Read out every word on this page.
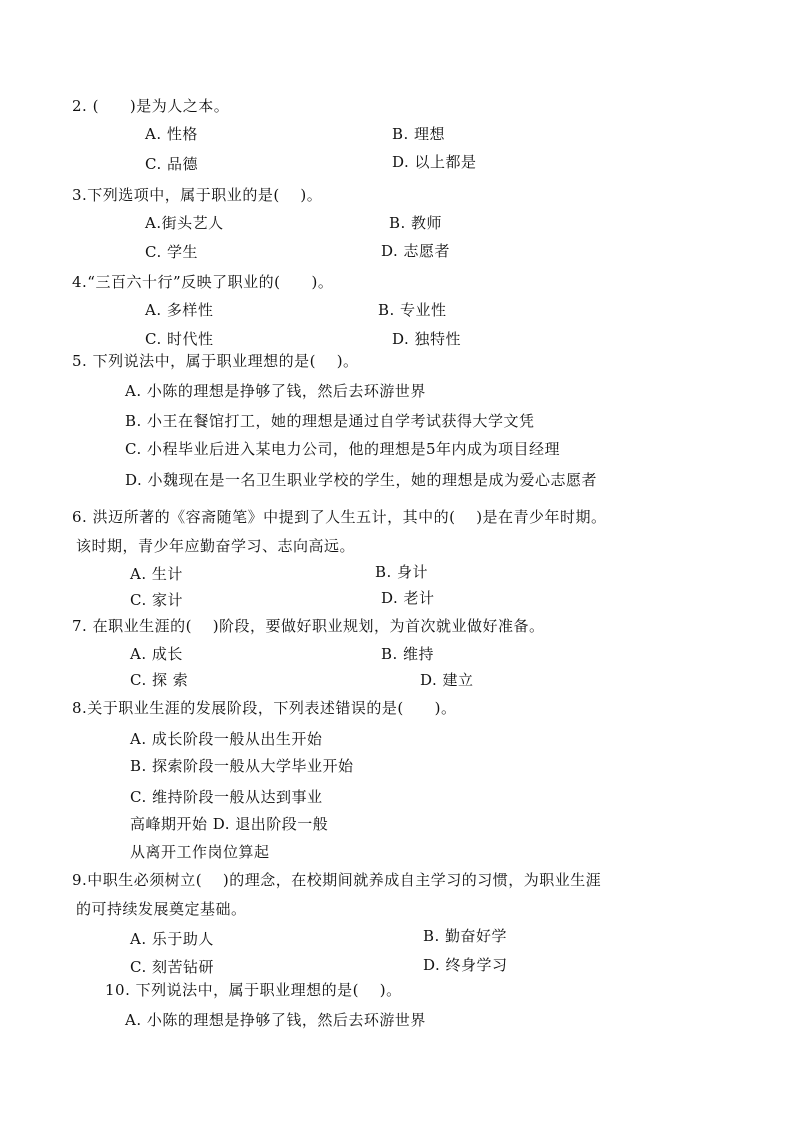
2. (　　)是为人之本。
A. 性格	B. 理想
C. 品德	D. 以上都是
3.下列选项中，属于职业的是(　 )。
A.街头艺人	B. 教师
C. 学生	D. 志愿者
4.“三百六十行”反映了职业的(　　)。
A. 多样性	B. 专业性
C. 时代性	D. 独特性
5. 下列说法中，属于职业理想的是(　 )。
A. 小陈的理想是挣够了钱，然后去环游世界
B. 小王在餐馆打工，她的理想是通过自学考试获得大学文凭
C. 小程毕业后进入某电力公司，他的理想是5年内成为项目经理
D. 小魏现在是一名卫生职业学校的学生，她的理想是成为爱心志愿者
6. 洪迈所著的《容斋随笔》中提到了人生五计，其中的(　 )是在青少年时期。
该时期，青少年应勤奋学习、志向高远。
A. 生计	B. 身计
C. 家计	D. 老计
7. 在职业生涯的(　 )阶段，要做好职业规划，为首次就业做好准备。
A. 成长	B. 维持
C. 探 索	D. 建立
8.关于职业生涯的发展阶段，下列表述错误的是(　　)。
A. 成长阶段一般从出生开始
B. 探索阶段一般从大学毕业开始
C. 维持阶段一般从达到事业
高峰期开始 D. 退出阶段一般
从离开工作岗位算起
9.中职生必须树立(　 )的理念，在校期间就养成自主学习的习惯，为职业生涯
的可持续发展奠定基础。
A. 乐于助人	B. 勤奋好学
C. 刻苦钻研	D. 终身学习
10. 下列说法中，属于职业理想的是(　 )。
A. 小陈的理想是挣够了钱，然后去环游世界
